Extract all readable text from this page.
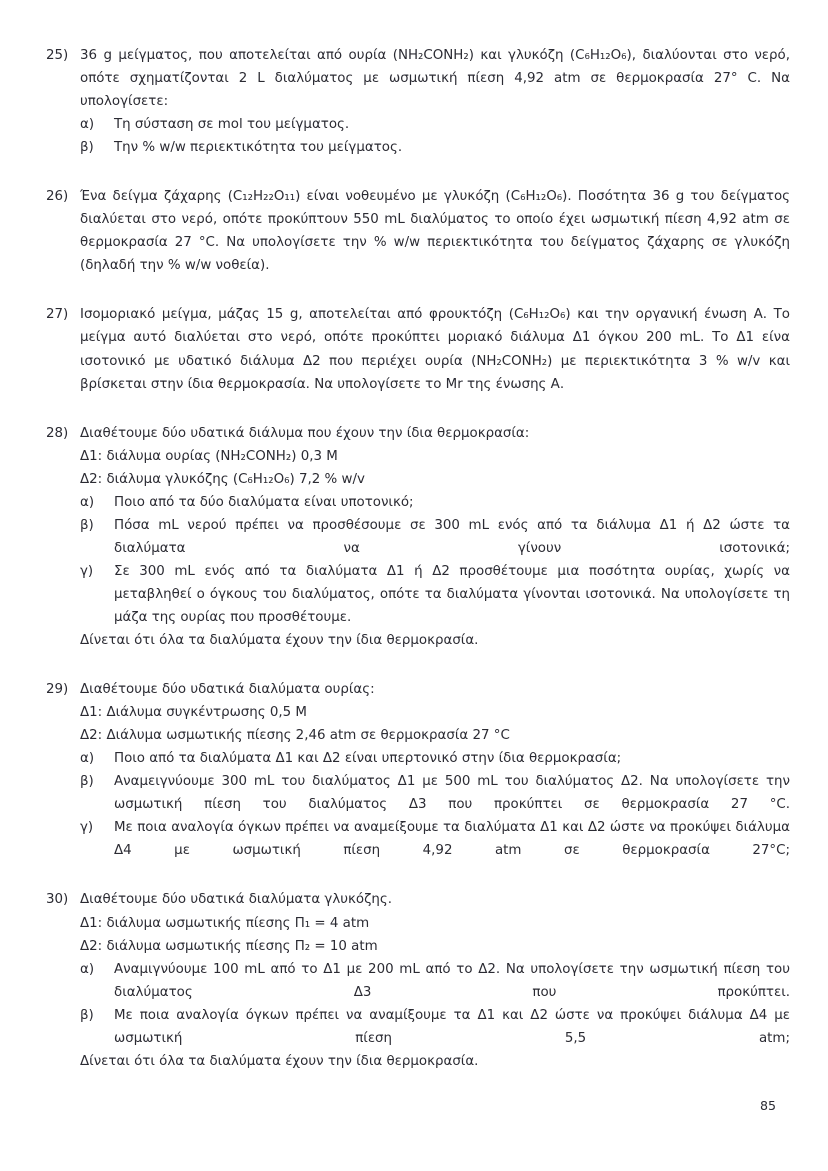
25) 36 g μείγματος, που αποτελείται από ουρία (NH₂CONH₂) και γλυκόζη (C₆H₁₂O₆), διαλύονται στο νερό, οπότε σχηματίζονται 2 L διαλύματος με ωσμωτική πίεση 4,92 atm σε θερμοκρασία 27° C. Να υπολογίσετε:
α)	Τη σύσταση σε mol του μείγματος.
β)	Την % w/w περιεκτικότητα του μείγματος.
26) Ένα δείγμα ζάχαρης (C₁₂H₂₂O₁₁) είναι νοθευμένο με γλυκόζη (C₆H₁₂O₆). Ποσότητα 36 g του δείγματος διαλύεται στο νερό, οπότε προκύπτουν 550 mL διαλύματος το οποίο έχει ωσμωτική πίεση 4,92 atm σε θερμοκρασία 27 °C. Να υπολογίσετε την % w/w περιεκτικότητα του δείγματος ζάχαρης σε γλυκόζη (δηλαδή την % w/w νοθεία).
27) Ισομοριακό μείγμα, μάζας 15 g, αποτελείται από φρουκτόζη (C₆H₁₂O₆) και την οργανική ένωση Α. Το μείγμα αυτό διαλύεται στο νερό, οπότε προκύπτει μοριακό διάλυμα Δ1 όγκου 200 mL. Το Δ1 είνα ισοτονικό με υδατικό διάλυμα Δ2 που περιέχει ουρία (NH₂CONH₂) με περιεκτικότητα 3 % w/v και βρίσκεται στην ίδια θερμοκρασία. Να υπολογίσετε το Mr της ένωσης Α.
28) Διαθέτουμε δύο υδατικά διάλυμα που έχουν την ίδια θερμοκρασία:
Δ1: διάλυμα ουρίας (NH₂CONH₂) 0,3 M
Δ2: διάλυμα γλυκόζης (C₆H₁₂O₆) 7,2 % w/v
α)	Ποιο από τα δύο διαλύματα είναι υποτονικό;
β)	Πόσα mL νερού πρέπει να προσθέσουμε σε 300 mL ενός από τα διάλυμα Δ1 ή Δ2 ώστε τα διαλύματα να γίνουν ισοτονικά;
γ)	Σε 300 mL ενός από τα διαλύματα Δ1 ή Δ2 προσθέτουμε μια ποσότητα ουρίας, χωρίς να μεταβληθεί ο όγκους του διαλύματος, οπότε τα διαλύματα γίνονται ισοτονικά. Να υπολογίσετε τη μάζα της ουρίας που προσθέτουμε.
Δίνεται ότι όλα τα διαλύματα έχουν την ίδια θερμοκρασία.
29) Διαθέτουμε δύο υδατικά διαλύματα ουρίας:
Δ1: Διάλυμα συγκέντρωσης 0,5 M
Δ2: Διάλυμα ωσμωτικής πίεσης 2,46 atm σε θερμοκρασία 27 °C
α)	Ποιο από τα διαλύματα Δ1 και Δ2 είναι υπερτονικό στην ίδια θερμοκρασία;
β)	Αναμειγνύουμε 300 mL του διαλύματος Δ1 με 500 mL του διαλύματος Δ2. Να υπολογίσετε την ωσμωτική πίεση του διαλύματος Δ3 που προκύπτει σε θερμοκρασία 27 °C.
γ)	Με ποια αναλογία όγκων πρέπει να αναμείξουμε τα διαλύματα Δ1 και Δ2 ώστε να προκύψει διάλυμα Δ4 με ωσμωτική πίεση 4,92 atm σε θερμοκρασία 27°C;
30) Διαθέτουμε δύο υδατικά διαλύματα γλυκόζης.
Δ1: διάλυμα ωσμωτικής πίεσης Π₁ = 4 atm
Δ2: διάλυμα ωσμωτικής πίεσης Π₂ = 10 atm
α)	Αναμιγνύουμε 100 mL από το Δ1 με 200 mL από το Δ2. Να υπολογίσετε την ωσμωτική πίεση του διαλύματος Δ3 που προκύπτει.
β)	Με ποια αναλογία όγκων πρέπει να αναμίξουμε τα Δ1 και Δ2 ώστε να προκύψει διάλυμα Δ4 με ωσμωτική πίεση 5,5 atm;
Δίνεται ότι όλα τα διαλύματα έχουν την ίδια θερμοκρασία.
85
